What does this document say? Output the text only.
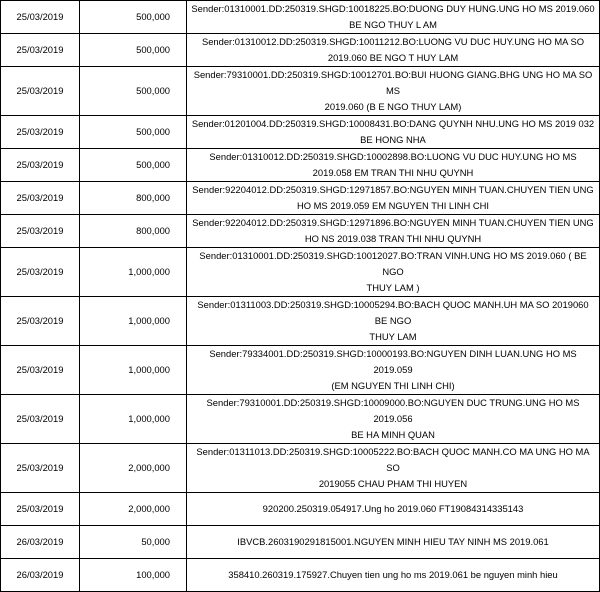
25/03/2019	500,000	Sender:01310001.DD:250319.SHGD:10018225.BO:DUONG DUY HUNG.UNG HO MS 2019.060
BE NGO THUY L AM

25/03/2019	500,000	Sender:01310012.DD:250319.SHGD:10011212.BO:LUONG VU DUC HUY.UNG HO MA SO
2019.060 BE NGO T HUY LAM

25/03/2019	500,000	Sender:79310001.DD:250319.SHGD:10012701.BO:BUI HUONG GIANG.BHG UNG HO MA SO MS
2019.060 (B E NGO THUY LAM)

25/03/2019	500,000	Sender:01201004.DD:250319.SHGD:10008431.BO:DANG QUYNH NHU.UNG HO MS 2019 032
BE HONG NHA

25/03/2019	500,000	Sender:01310012.DD:250319.SHGD:10002898.BO:LUONG VU DUC HUY.UNG HO MS
2019.058 EM TRAN THI NHU QUYNH

25/03/2019	800,000	Sender:92204012.DD:250319.SHGD:12971857.BO:NGUYEN MINH TUAN.CHUYEN TIEN UNG
HO MS 2019.059 EM NGUYEN THI LINH CHI

25/03/2019	800,000	Sender:92204012.DD:250319.SHGD:12971896.BO:NGUYEN MINH TUAN.CHUYEN TIEN UNG
HO NS 2019.038 TRAN THI NHU QUYNH

25/03/2019	1,000,000	Sender:01310001.DD:250319.SHGD:10012027.BO:TRAN VINH.UNG HO MS 2019.060 ( BE NGO
THUY LAM )

25/03/2019	1,000,000	Sender:01311003.DD:250319.SHGD:10005294.BO:BACH QUOC MANH.UH MA SO 2019060 BE NGO
THUY LAM

25/03/2019	1,000,000	Sender:79334001.DD:250319.SHGD:10000193.BO:NGUYEN DINH LUAN.UNG HO MS 2019.059
(EM NGUYEN THI LINH CHI)

25/03/2019	1,000,000	Sender:79310001.DD:250319.SHGD:10009000.BO:NGUYEN DUC TRUNG.UNG HO MS 2019.056
BE HA MINH QUAN

25/03/2019	2,000,000	Sender:01311013.DD:250319.SHGD:10005222.BO:BACH QUOC MANH.CO MA UNG HO MA SO
2019055 CHAU PHAM THI HUYEN

25/03/2019	2,000,000	920200.250319.054917.Ung ho 2019.060 FT19084314335143

26/03/2019	50,000	IBVCB.2603190291815001.NGUYEN MINH HIEU TAY NINH MS 2019.061

26/03/2019	100,000	358410.260319.175927.Chuyen tien ung ho ms 2019.061 be nguyen minh hieu
